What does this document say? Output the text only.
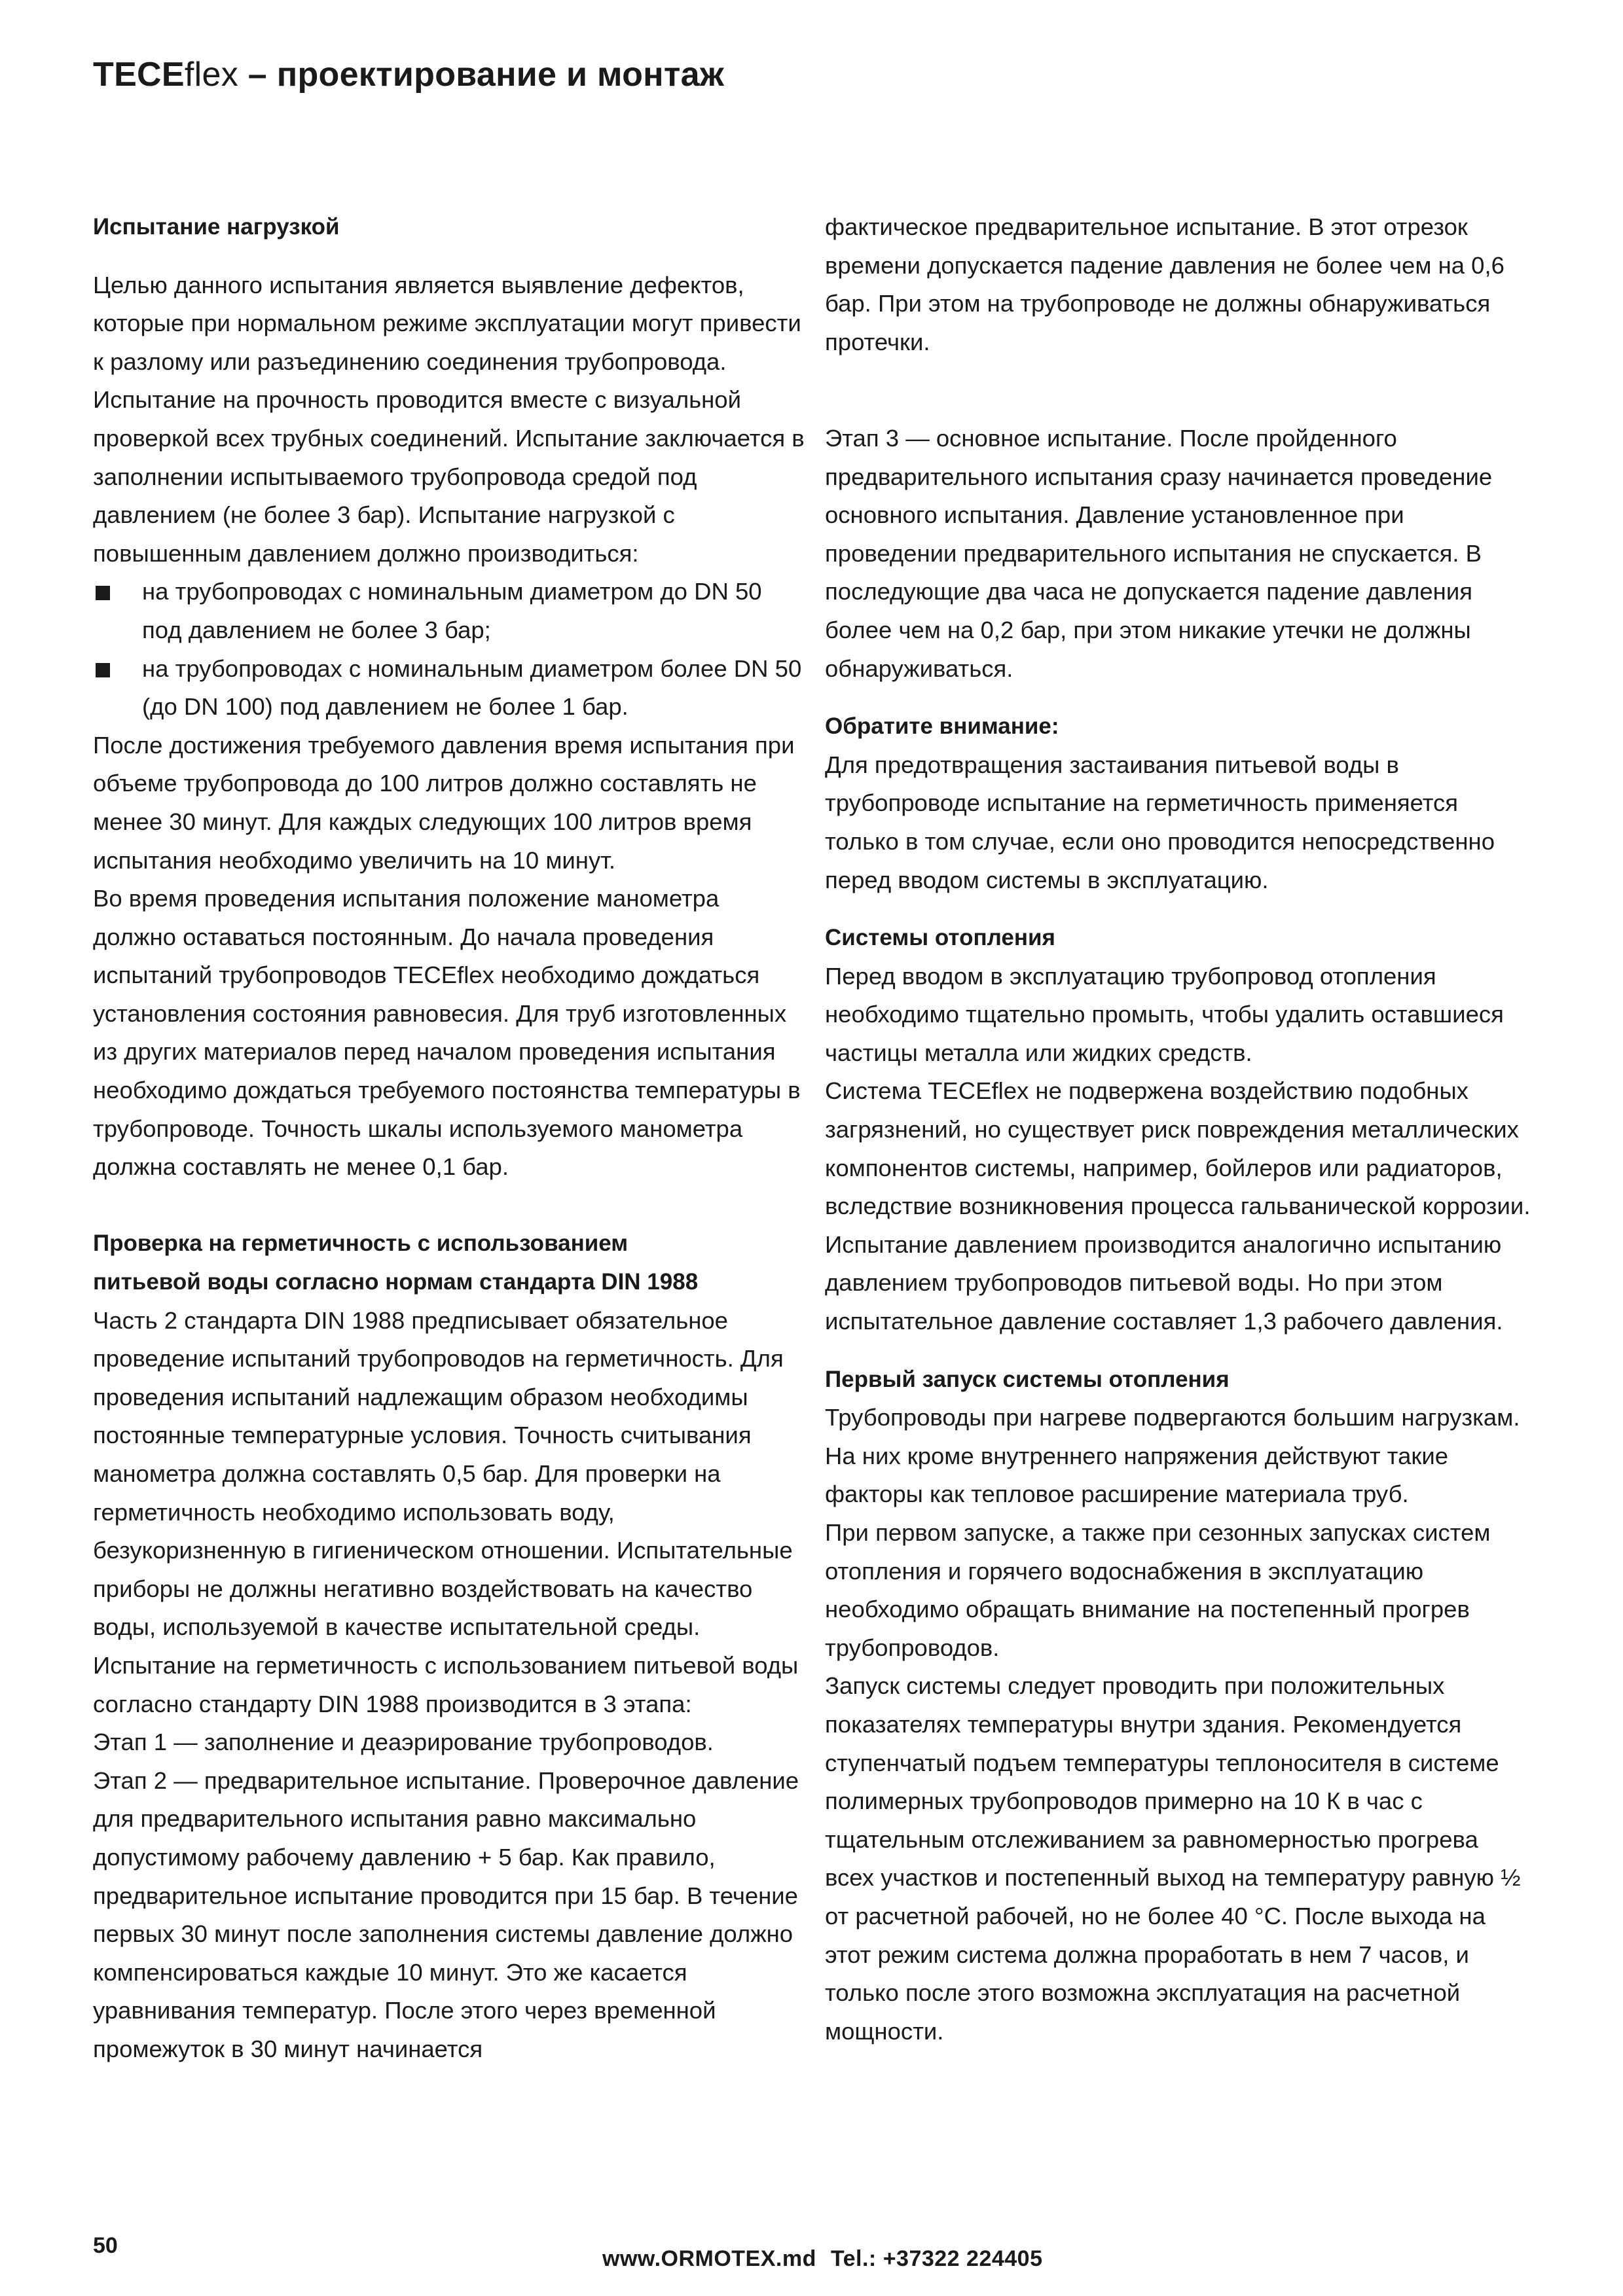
TECEflex – проектирование и монтаж

Испытание нагрузкой

Целью данного испытания является выявление дефектов, которые при нормальном режиме эксплуатации могут привести к разлому или разъединению соединения трубопровода. Испытание на прочность проводится вместе с визуальной проверкой всех трубных соединений. Испытание заключается в заполнении испытываемого трубопровода средой под давлением (не более 3 бар). Испытание нагрузкой с повышенным давлением должно производиться:

на трубопроводах с номинальным диаметром до DN 50 под давлением не более 3 бар;
на трубопроводах с номинальным диаметром более DN 50 (до DN 100) под давлением не более 1 бар.

После достижения требуемого давления время испытания при объеме трубопровода до 100 литров должно составлять не менее 30 минут. Для каждых следующих 100 литров время испытания необходимо увеличить на 10 минут.

Во время проведения испытания положение манометра должно оставаться постоянным. До начала проведения испытаний трубопроводов TECEflex необходимо дождаться установления состояния равновесия. Для труб изготовленных из других материалов перед началом проведения испытания необходимо дождаться требуемого постоянства температуры в трубопроводе. Точность шкалы используемого манометра должна составлять не менее 0,1 бар.

Проверка на герметичность с использованием

питьевой воды согласно нормам стандарта DIN 1988

Часть 2 стандарта DIN 1988 предписывает обязательное проведение испытаний трубопроводов на герметичность. Для проведения испытаний надлежащим образом необходимы постоянные температурные условия. Точность считывания манометра должна составлять 0,5 бар. Для проверки на герметичность необходимо использовать воду, безукоризненную в гигиеническом отношении. Испытательные приборы не должны негативно воздействовать на качество воды, используемой в качестве испытательной среды.

Испытание на герметичность с использованием питьевой воды согласно стандарту DIN 1988 производится в 3 этапа:

Этап 1 — заполнение и деаэрирование трубопроводов.

Этап 2 — предварительное испытание. Проверочное давление для предварительного испытания равно максимально допустимому рабочему давлению + 5 бар. Как правило, предварительное испытание проводится при 15 бар. В течение первых 30 минут после заполнения системы давление должно компенсироваться каждые 10 минут. Это же касается уравнивания температур. После этого через временной промежуток в 30 минут начинается

фактическое предварительное испытание. В этот отрезок времени допускается падение давления не более чем на 0,6 бар. При этом на трубопроводе не должны обнаруживаться протечки.

Этап 3 — основное испытание. После пройденного предварительного испытания сразу начинается проведение основного испытания. Давление установленное при проведении предварительного испытания не спускается. В последующие два часа не допускается падение давления более чем на 0,2 бар, при этом никакие утечки не должны обнаруживаться.

Обратите внимание:

Для предотвращения застаивания питьевой воды в трубопроводе испытание на герметичность применяется только в том случае, если оно проводится непосредственно перед вводом системы в эксплуатацию.

Системы отопления

Перед вводом в эксплуатацию трубопровод отопления необходимо тщательно промыть, чтобы удалить оставшиеся частицы металла или жидких средств.

Система TECEflex не подвержена воздействию подобных загрязнений, но существует риск повреждения металлических компонентов системы, например, бойлеров или радиаторов, вследствие возникновения процесса гальванической коррозии.

Испытание давлением производится аналогично испытанию давлением трубопроводов питьевой воды. Но при этом испытательное давление составляет 1,3 рабочего давления.

Первый запуск системы отопления

Трубопроводы при нагреве подвергаются большим нагрузкам. На них кроме внутреннего напряжения действуют такие факторы как тепловое расширение материала труб.

При первом запуске, а также при сезонных запусках систем отопления и горячего водоснабжения в эксплуатацию необходимо обращать внимание на постепенный прогрев трубопроводов.

Запуск системы следует проводить при положительных показателях температуры внутри здания. Рекомендуется ступенчатый подъем температуры теплоносителя в системе полимерных трубопроводов примерно на 10 К в час с тщательным отслеживанием за равномерностью прогрева всех участков и постепенный выход на температуру равную ½ от расчетной рабочей, но не более 40 °С. После выхода на этот режим система должна проработать в нем 7 часов, и только после этого возможна эксплуатация на расчетной мощности.

50
www.ORMOTEX.md Tel.: +37322 224405
